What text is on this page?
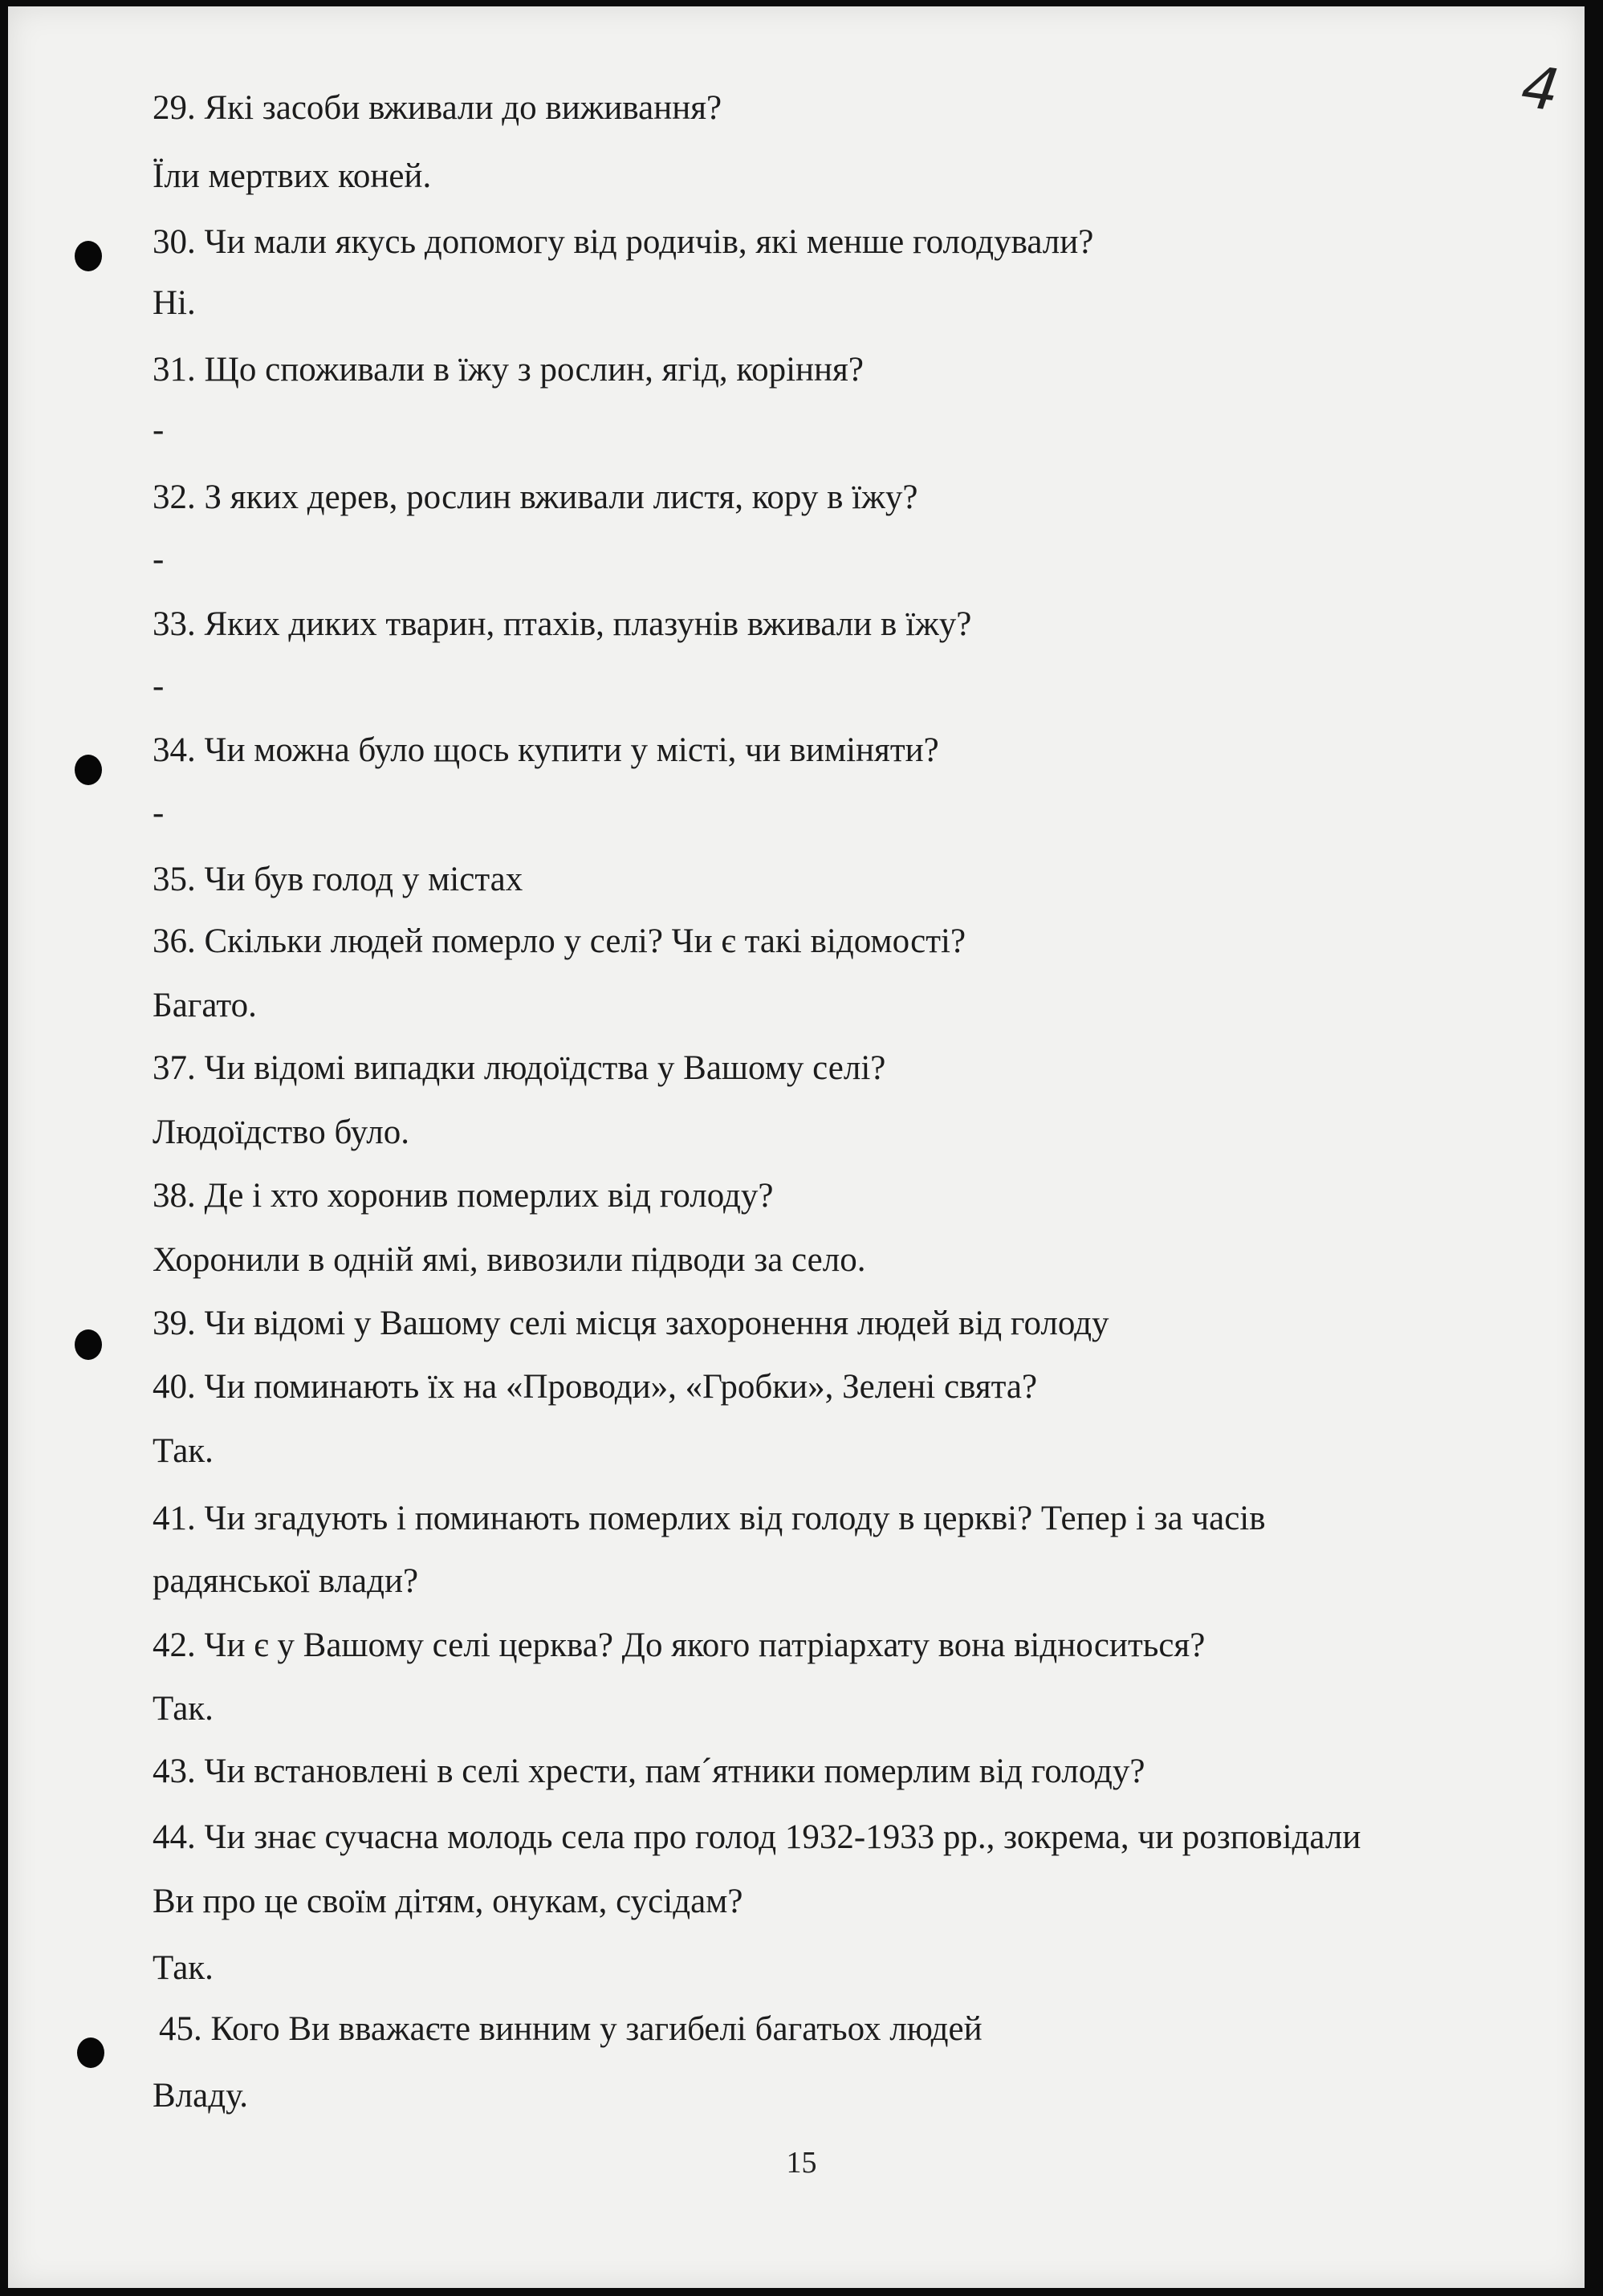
4
29. Які засоби вживали до виживання?
Їли мертвих коней.
30. Чи мали якусь допомогу від родичів, які менше голодували?
Ні.
31. Що споживали в їжу з рослин, ягід, коріння?
-
32. З яких дерев, рослин вживали листя, кору в їжу?
-
33. Яких диких тварин, птахів, плазунів вживали в їжу?
-
34. Чи можна було щось купити у місті, чи виміняти?
-
35. Чи був голод у містах
36. Скільки людей померло у селі? Чи є такі відомості?
Багато.
37. Чи відомі випадки людоїдства у Вашому селі?
Людоїдство було.
38. Де і хто хоронив померлих від голоду?
Хоронили в одній ямі, вивозили підводи за село.
39. Чи відомі у Вашому селі місця захоронення людей від голоду
40. Чи поминають їх на «Проводи», «Гробки», Зелені свята?
Так.
41. Чи згадують і поминають померлих від голоду в церкві? Тепер і за часів
радянської влади?
42. Чи є у Вашому селі церква? До якого патріархату вона відноситься?
Так.
43. Чи встановлені в селі хрести, пам´ятники померлим від голоду?
44. Чи знає сучасна молодь села про голод 1932-1933 рр., зокрема, чи розповідали
Ви про це своїм дітям, онукам, сусідам?
Так.
45. Кого Ви вважаєте винним у загибелі багатьох людей
Владу.
15
